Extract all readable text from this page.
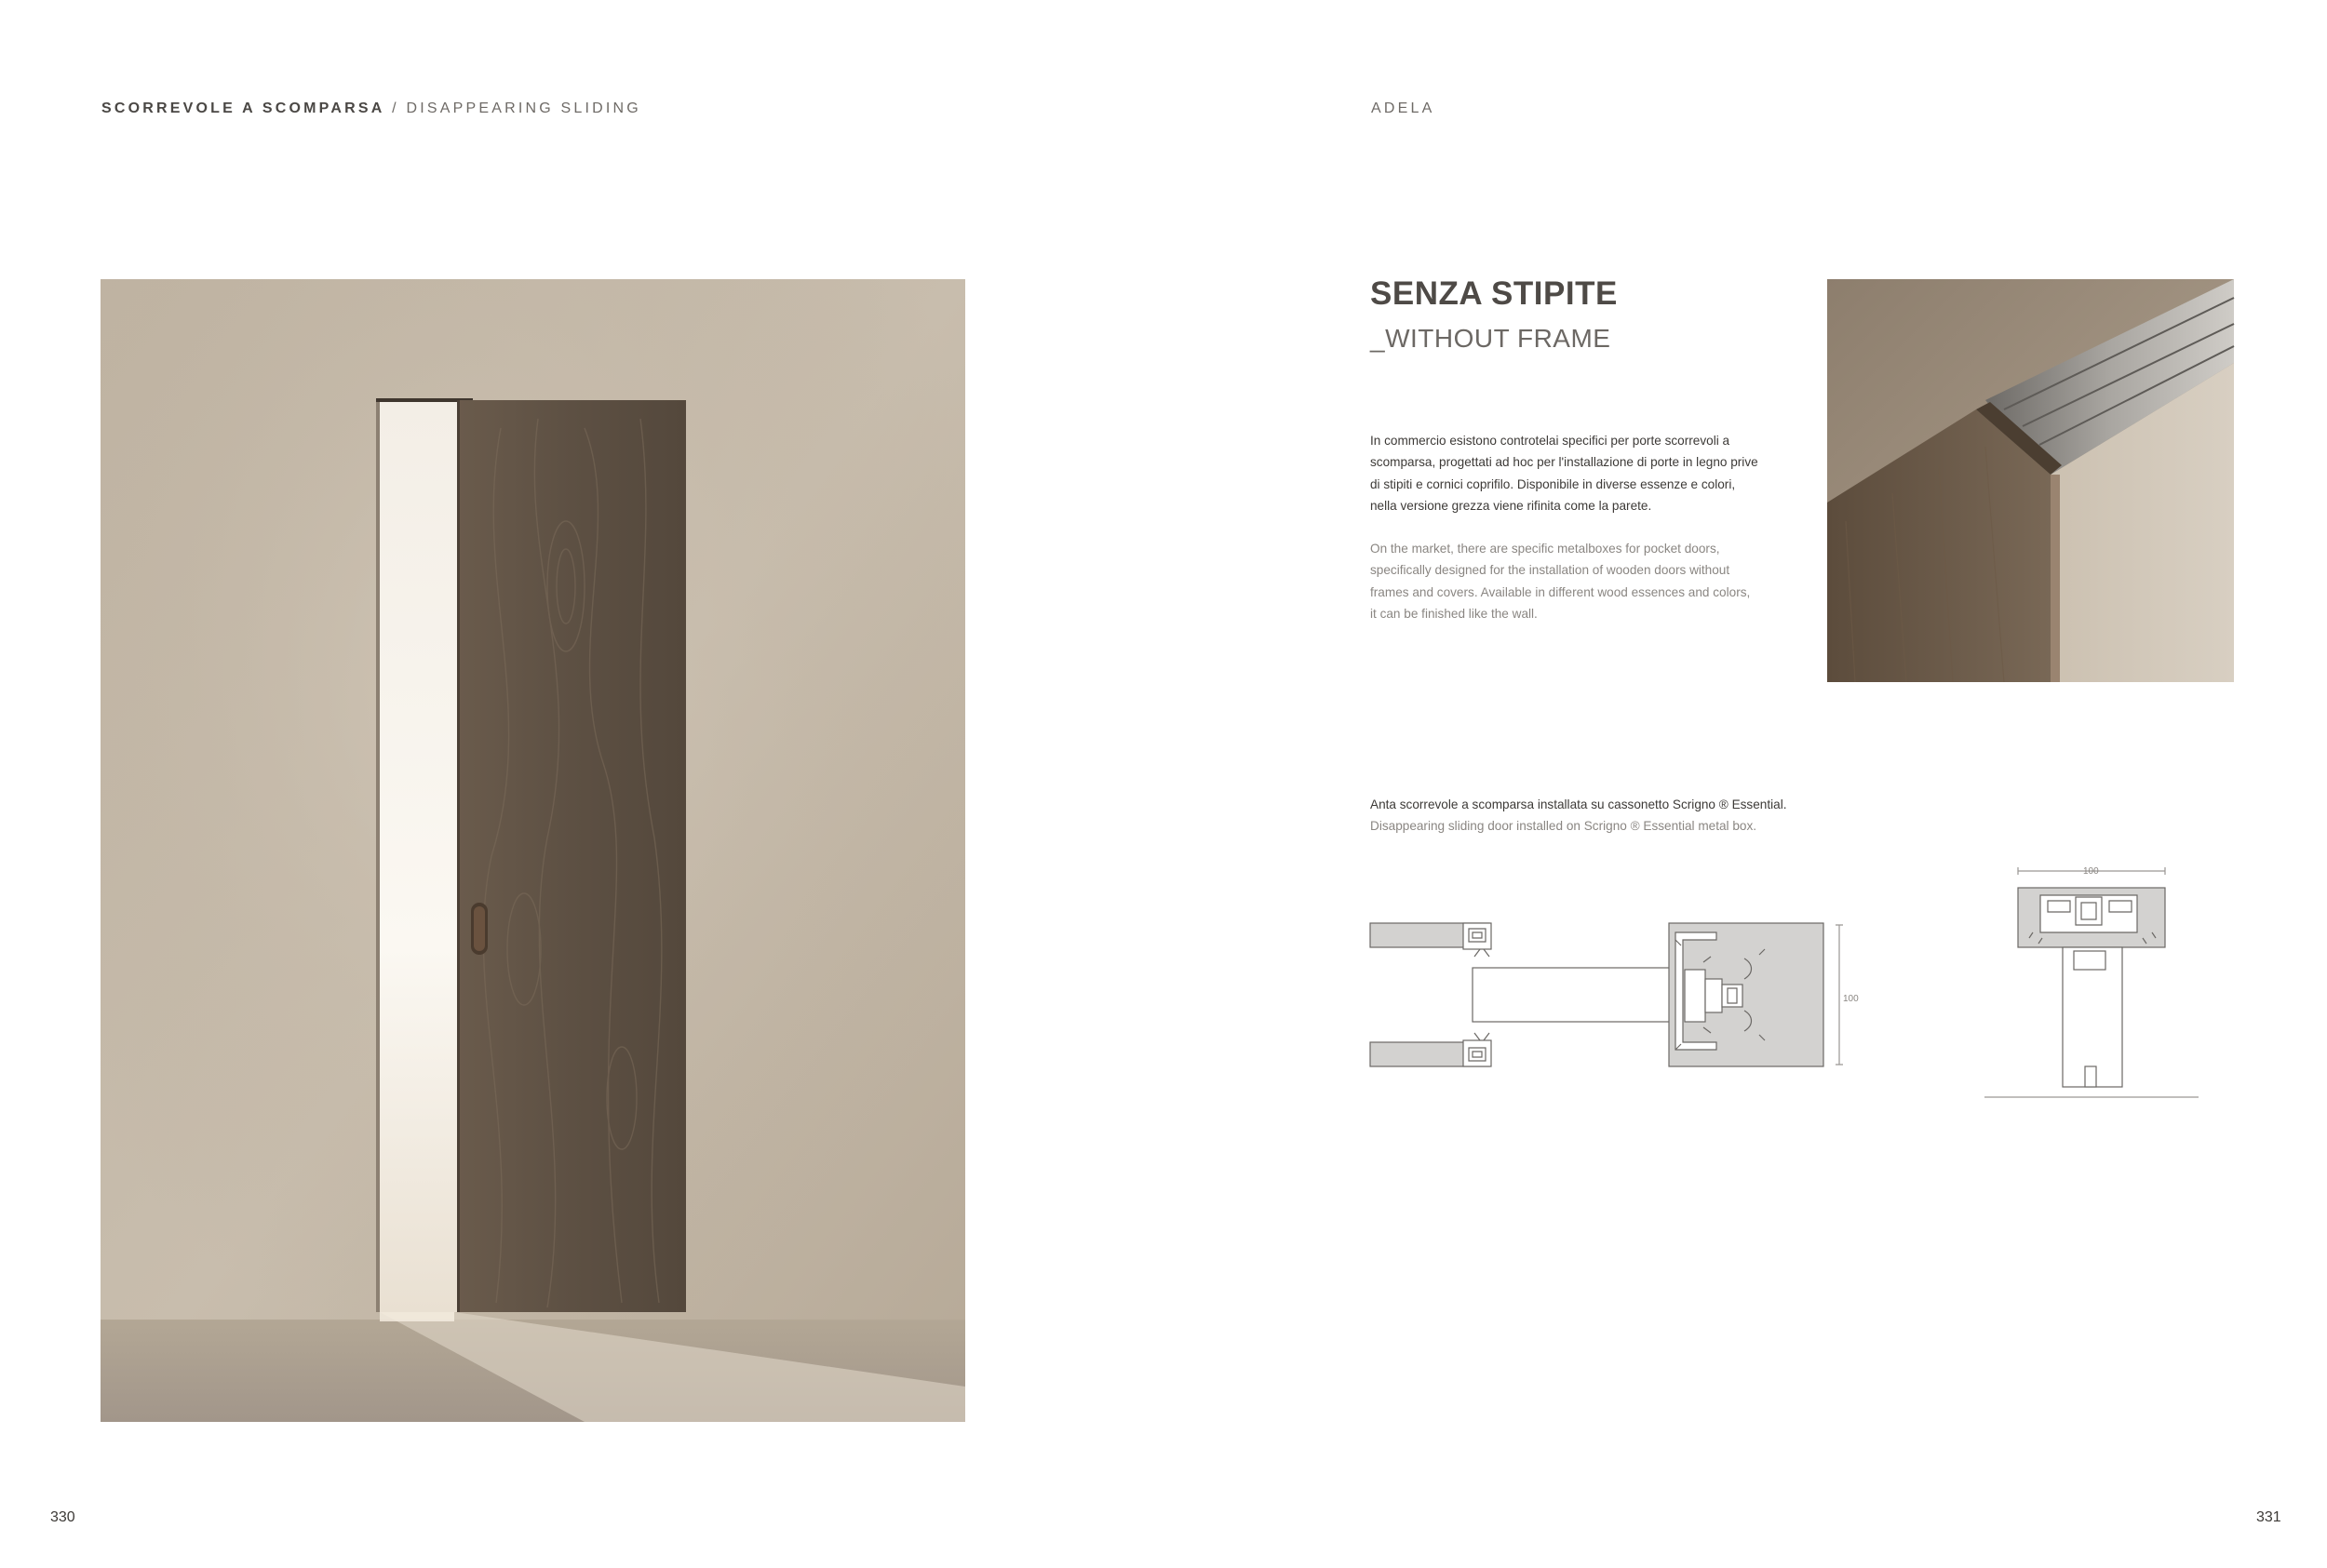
SCORREVOLE A SCOMPARSA / DISAPPEARING SLIDING	ADELA
SENZA STIPITE
_WITHOUT FRAME
In commercio esistono controtelai specifici per porte scorrevoli a
scomparsa, progettati ad hoc per l'installazione di porte in legno prive
di stipiti e cornici coprifilo. Disponibile in diverse essenze e colori,
nella versione grezza viene rifinita come la parete.
On the market, there are specific metalboxes for pocket doors,
specifically designed for the installation of wooden doors without
frames and covers. Available in different wood essences and colors,
it can be finished like the wall.
Anta scorrevole a scomparsa installata su cassonetto Scrigno ® Essential.
Disappearing sliding door installed on Scrigno ® Essential metal box.
100
100
330	331
